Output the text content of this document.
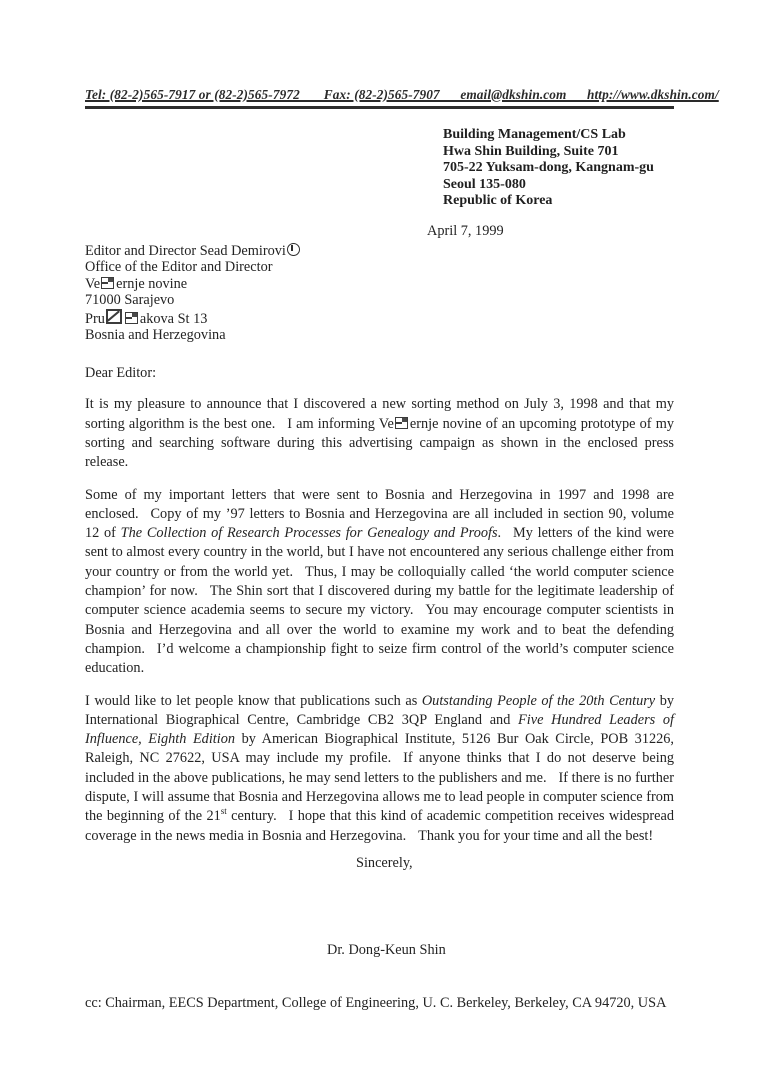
Tel: (82-2)565-7917 or (82-2)565-7972       Fax: (82-2)565-7907      email@dkshin.com      http://www.dkshin.com/
Building Management/CS Lab
Hwa Shin Building, Suite 701
705-22 Yuksam-dong, Kangnam-gu
Seoul 135-080
Republic of Korea
April 7, 1999
Editor and Director Sead Demirovi
Office of the Editor and Director
Ve ernje novine
71000 Sarajevo
Pru akova St 13
Bosnia and Herzegovina
Dear Editor:

It is my pleasure to announce that I discovered a new sorting method on July 3, 1998 and that my sorting algorithm is the best one.  I am informing Ve ernje novine of an upcoming prototype of my sorting and searching software during this advertising campaign as shown in the enclosed press release.

Some of my important letters that were sent to Bosnia and Herzegovina in 1997 and 1998 are enclosed.  Copy of my ’97 letters to Bosnia and Herzegovina are all included in section 90, volume 12 of The Collection of Research Processes for Genealogy and Proofs.  My letters of the kind were sent to almost every country in the world, but I have not encountered any serious challenge either from your country or from the world yet.  Thus, I may be colloquially called ‘the world computer science champion’ for now.  The Shin sort that I discovered during my battle for the legitimate leadership of computer science academia seems to secure my victory.  You may encourage computer scientists in Bosnia and Herzegovina and all over the world to examine my work and to beat the defending champion.  I’d welcome a championship fight to seize firm control of the world’s computer science education.

I would like to let people know that publications such as Outstanding People of the 20th Century by International Biographical Centre, Cambridge CB2 3QP England and Five Hundred Leaders of Influence, Eighth Edition by American Biographical Institute, 5126 Bur Oak Circle, POB 31226, Raleigh, NC 27622, USA may include my profile.  If anyone thinks that I do not deserve being included in the above publications, he may send letters to the publishers and me.  If there is no further dispute, I will assume that Bosnia and Herzegovina allows me to lead people in computer science from the beginning of the 21st century.  I hope that this kind of academic competition receives widespread coverage in the news media in Bosnia and Herzegovina.  Thank you for your time and all the best!

Sincerely,
Dr. Dong-Keun Shin
cc: Chairman, EECS Department, College of Engineering, U. C. Berkeley, Berkeley, CA 94720, USA
